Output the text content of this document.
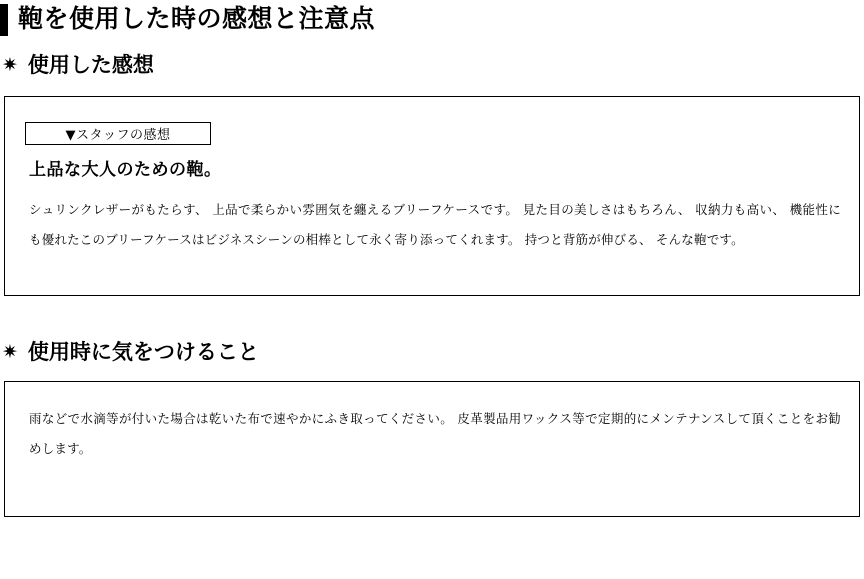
鞄を使用した時の感想と注意点
✷ 使用した感想
▼スタッフの感想
上品な大人のための鞄。
シュリンクレザーがもたらす、 上品で柔らかい雰囲気を纏えるブリーフケースです。 見た目の美しさはもちろん、 収納力も高い、 機能性にも優れたこのブリーフケースはビジネスシーンの相棒として永く寄り添ってくれます。 持つと背筋が伸びる、 そんな鞄です。
✷ 使用時に気をつけること
雨などで水滴等が付いた場合は乾いた布で速やかにふき取ってください。 皮革製品用ワックス等で定期的にメンテナンスして頂くことをお勧めします。
